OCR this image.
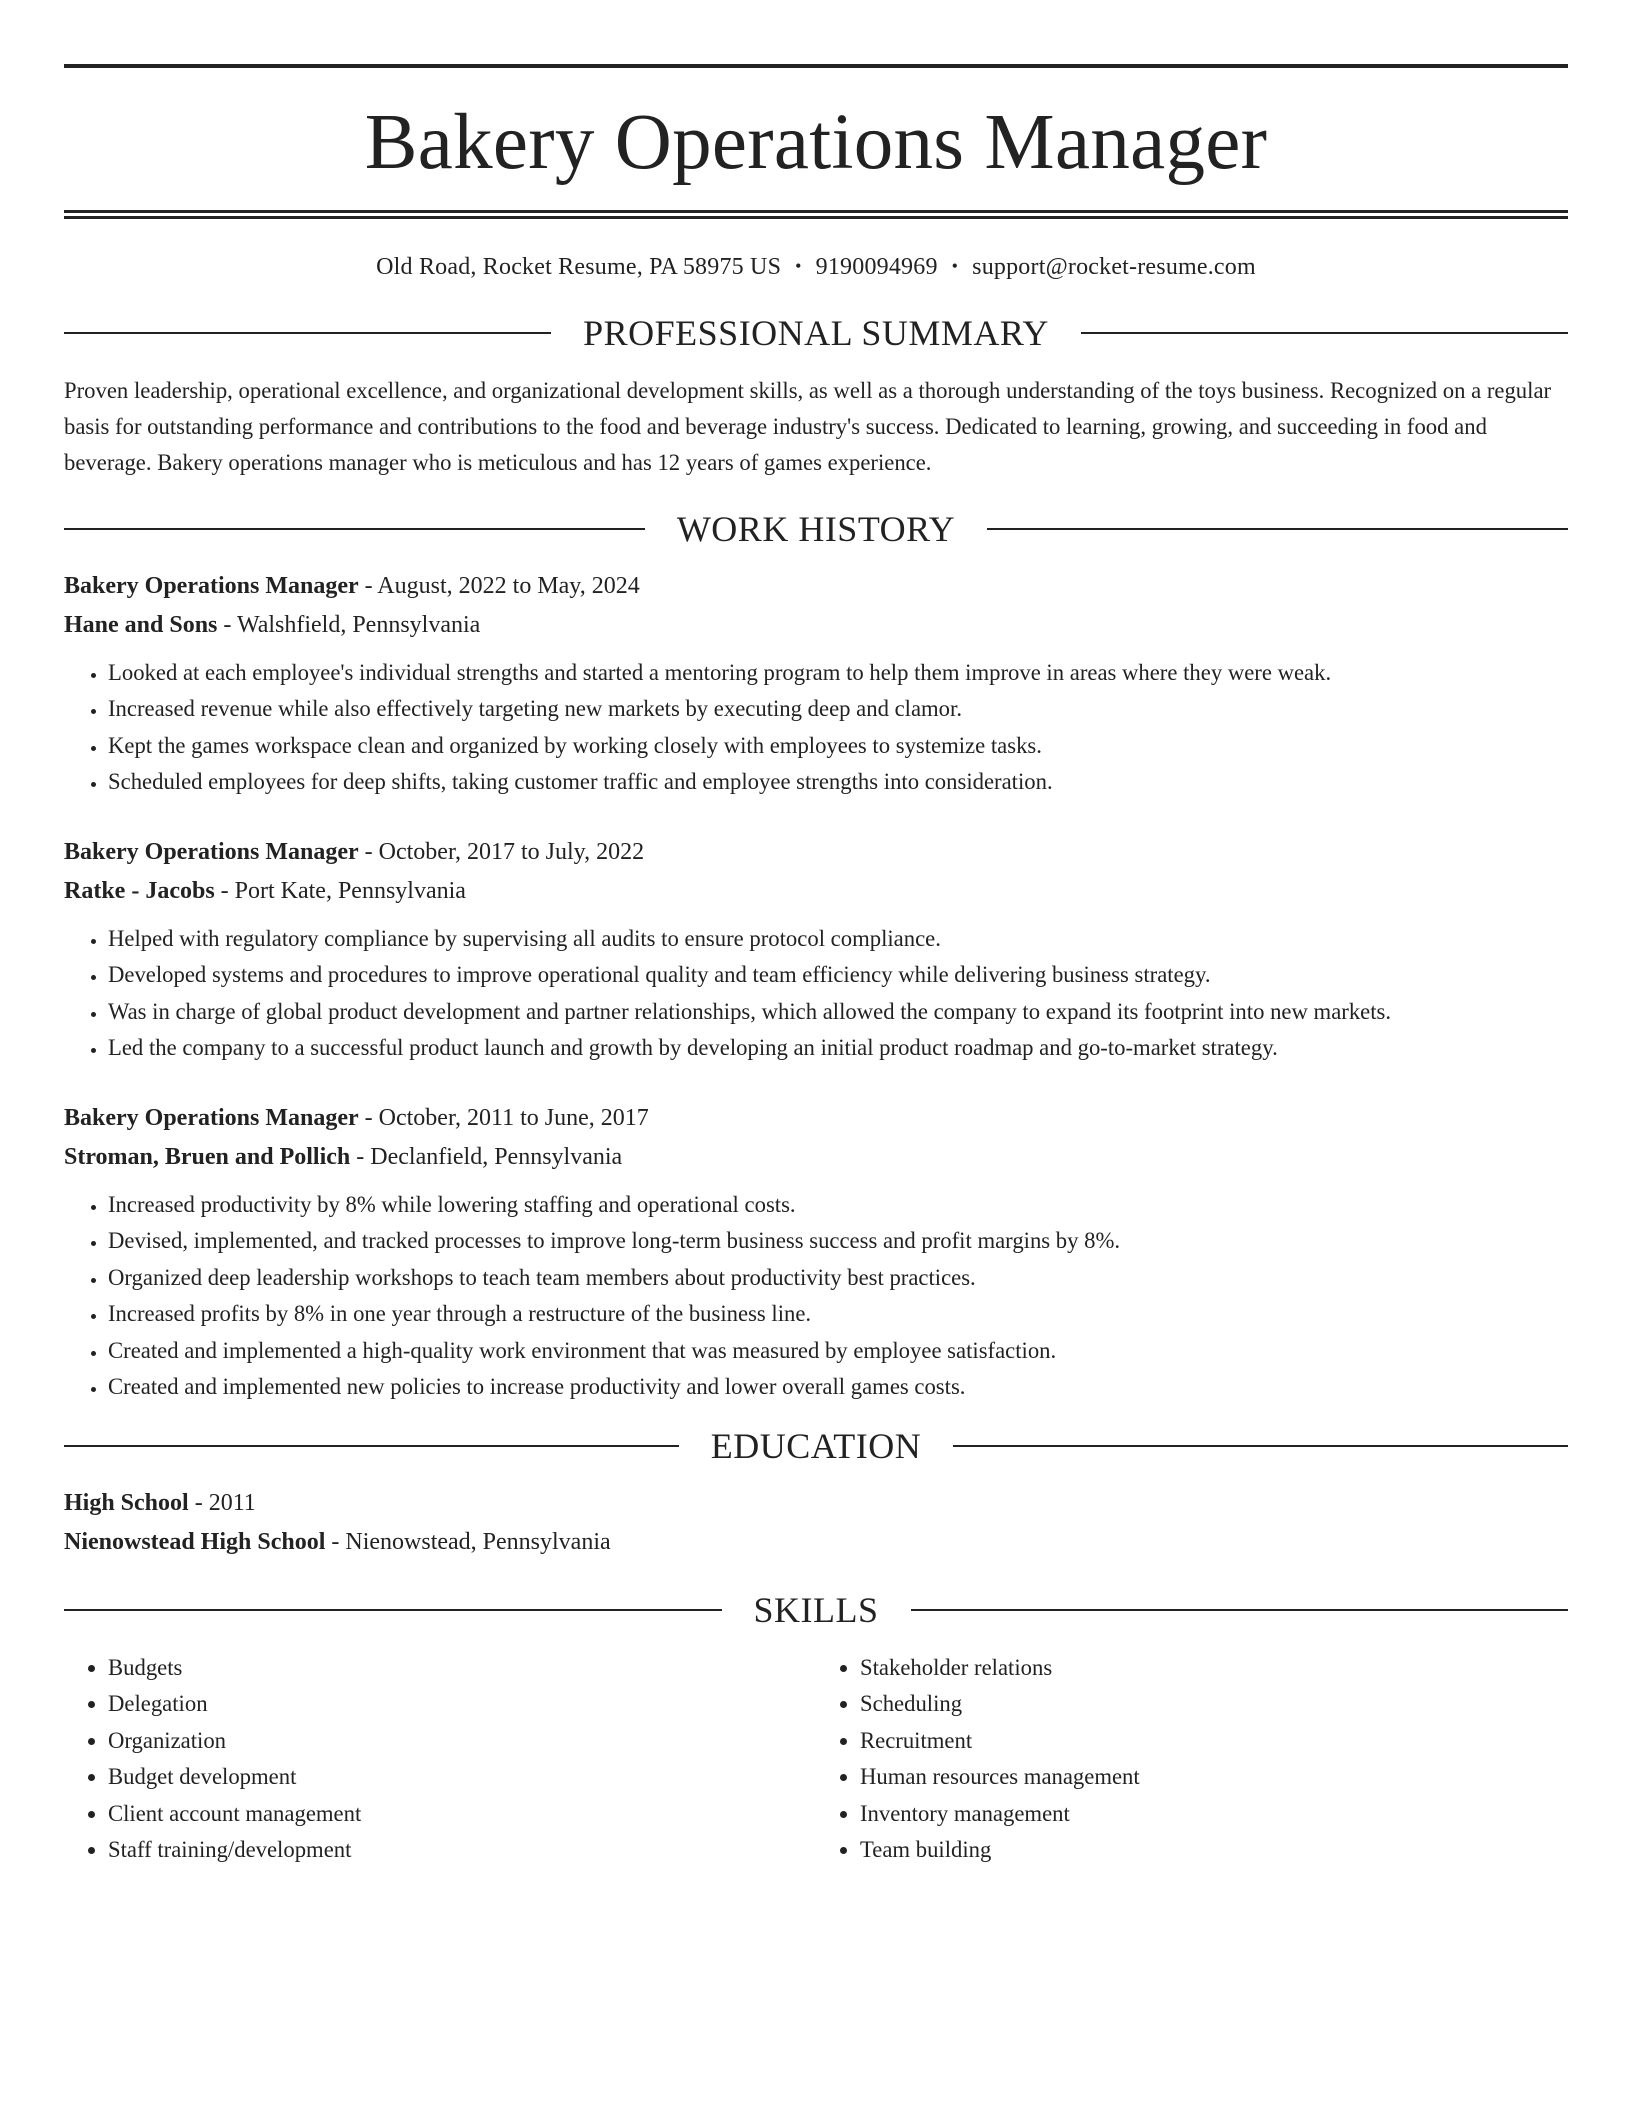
Bakery Operations Manager
Old Road, Rocket Resume, PA 58975 US • 9190094969 • support@rocket-resume.com
PROFESSIONAL SUMMARY

Proven leadership, operational excellence, and organizational development skills, as well as a thorough understanding of the toys business. Recognized on a regular basis for outstanding performance and contributions to the food and beverage industry's success. Dedicated to learning, growing, and succeeding in food and beverage. Bakery operations manager who is meticulous and has 12 years of games experience.

WORK HISTORY
Bakery Operations Manager - August, 2022 to May, 2024
Hane and Sons - Walshfield, Pennsylvania
• Looked at each employee's individual strengths and started a mentoring program to help them improve in areas where they were weak.
• Increased revenue while also effectively targeting new markets by executing deep and clamor.
• Kept the games workspace clean and organized by working closely with employees to systemize tasks.
• Scheduled employees for deep shifts, taking customer traffic and employee strengths into consideration.
Bakery Operations Manager - October, 2017 to July, 2022
Ratke - Jacobs - Port Kate, Pennsylvania
• Helped with regulatory compliance by supervising all audits to ensure protocol compliance.
• Developed systems and procedures to improve operational quality and team efficiency while delivering business strategy.
• Was in charge of global product development and partner relationships, which allowed the company to expand its footprint into new markets.
• Led the company to a successful product launch and growth by developing an initial product roadmap and go-to-market strategy.
Bakery Operations Manager - October, 2011 to June, 2017
Stroman, Bruen and Pollich - Declanfield, Pennsylvania
• Increased productivity by 8% while lowering staffing and operational costs.
• Devised, implemented, and tracked processes to improve long-term business success and profit margins by 8%.
• Organized deep leadership workshops to teach team members about productivity best practices.
• Increased profits by 8% in one year through a restructure of the business line.
• Created and implemented a high-quality work environment that was measured by employee satisfaction.
• Created and implemented new policies to increase productivity and lower overall games costs.
EDUCATION
High School - 2011
Nienowstead High School - Nienowstead, Pennsylvania
SKILLS
• Budgets
• Delegation
• Organization
• Budget development
• Client account management
• Staff training/development
• Stakeholder relations
• Scheduling
• Recruitment
• Human resources management
• Inventory management
• Team building
